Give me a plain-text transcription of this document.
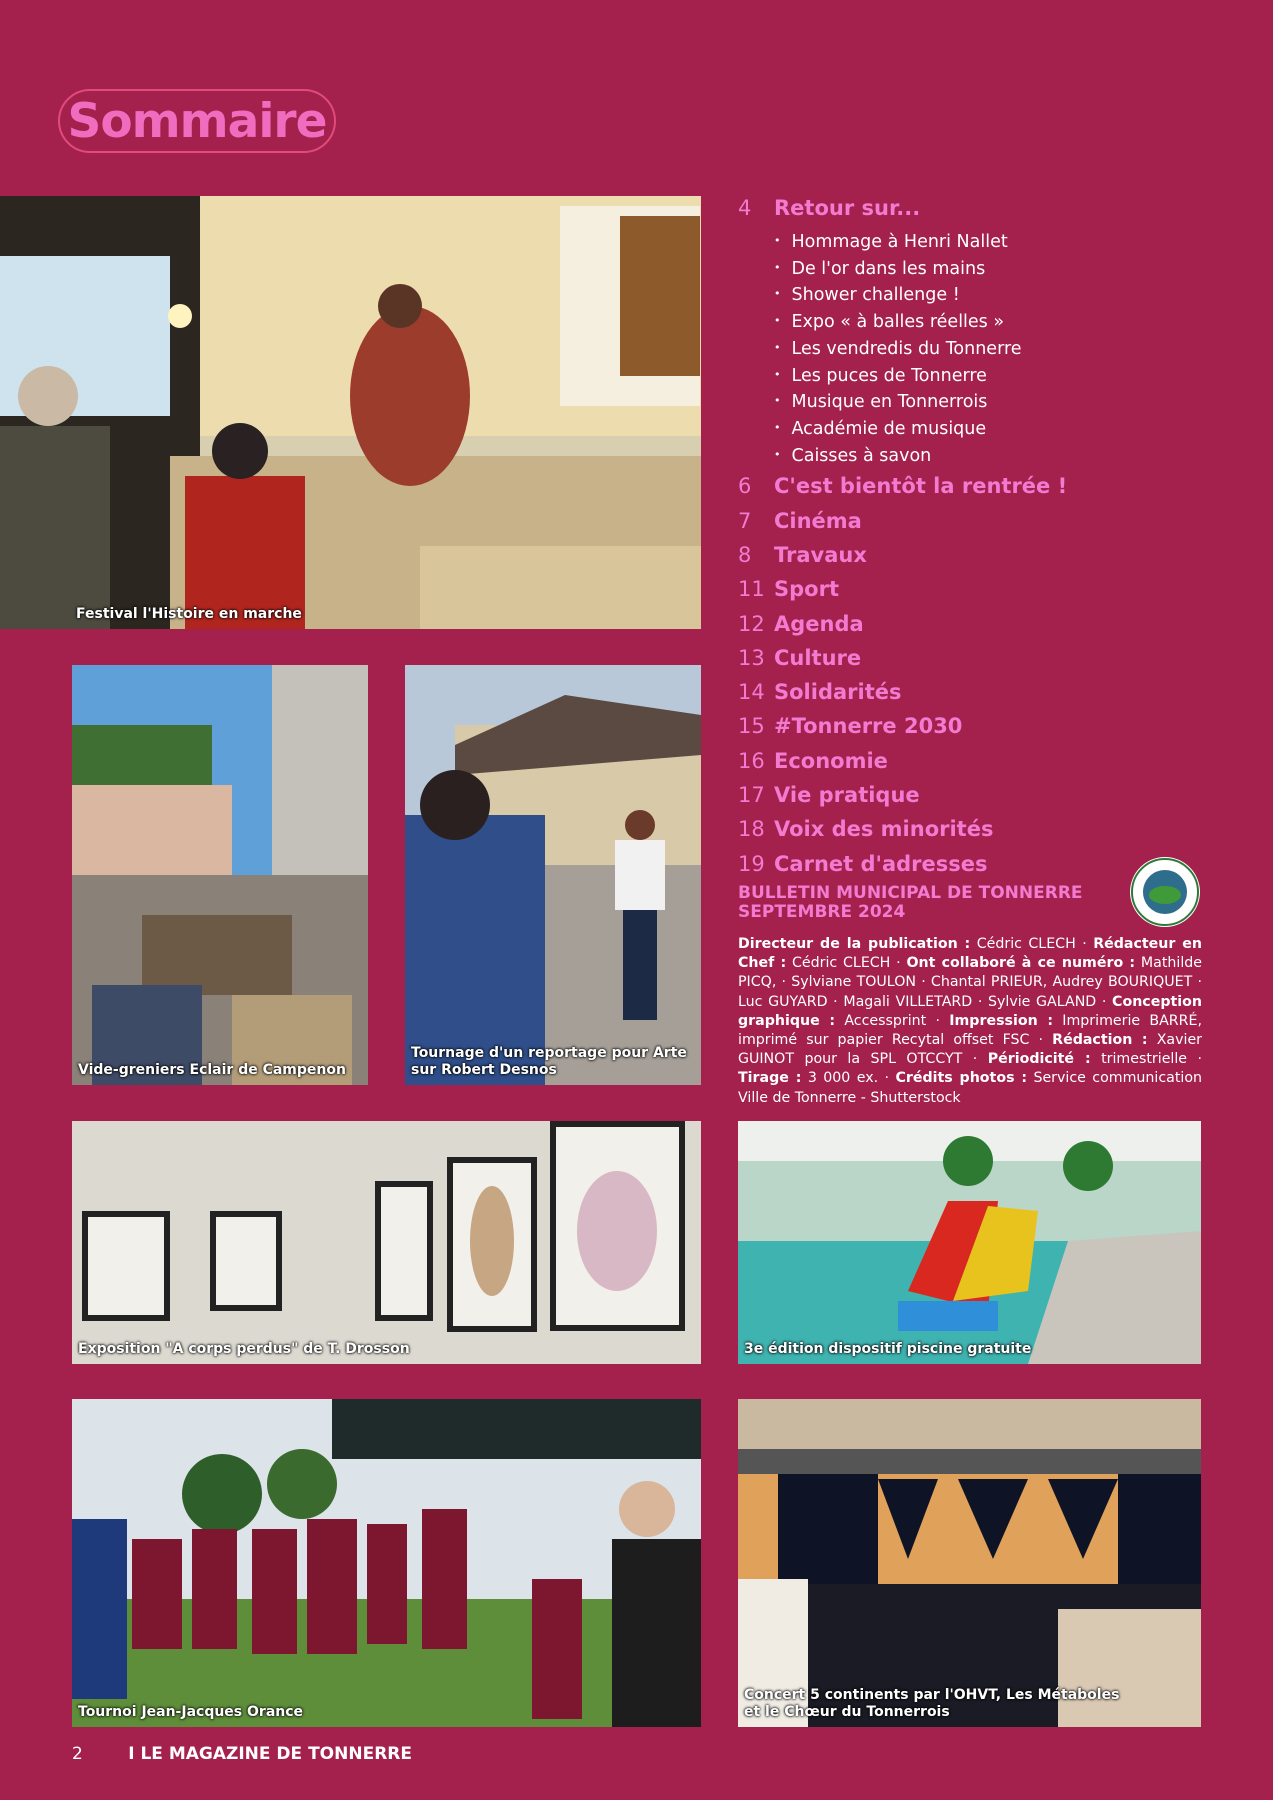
Sommaire
Festival l'Histoire en marche
Vide-greniers Eclair de Campenon
Tournage d'un reportage pour Arte
sur Robert Desnos
Exposition "A corps perdus" de T. Drosson	3e édition dispositif piscine gratuite
Tournoi Jean-Jacques Orance
Concert 5 continents par l'OHVT, Les Métaboles
et le Chœur du Tonnerrois
4	Retour sur...
• Hommage à Henri Nallet
• De l'or dans les mains
• Shower challenge !
• Expo « à balles réelles »
• Les vendredis du Tonnerre
• Les puces de Tonnerre
• Musique en Tonnerrois
• Académie de musique
• Caisses à savon
6	C'est bientôt la rentrée !
7	Cinéma
8	Travaux
11 Sport
12 Agenda
13 Culture
14 Solidarités
15 #Tonnerre 2030
16 Economie
17 Vie pratique
18 Voix des minorités
19 Carnet d'adresses
BULLETIN MUNICIPAL DE TONNERRE
SEPTEMBRE 2024
Directeur de la publication : Cédric CLECH · Rédacteur en Chef : Cédric CLECH · Ont collaboré à ce numéro : Mathilde PICQ, · Sylviane TOULON · Chantal PRIEUR, Audrey BOURIQUET · Luc GUYARD · Magali VILLETARD · Sylvie GALAND · Conception graphique : Accessprint · Impression : Imprimerie BARRÉ, imprimé sur papier Recytal offset FSC · Rédaction : Xavier GUINOT pour la SPL OTCCYT · Périodicité : trimestrielle · Tirage : 3 000 ex. · Crédits photos : Service communication Ville de Tonnerre - Shutterstock
2	I LE MAGAZINE DE TONNERRE
